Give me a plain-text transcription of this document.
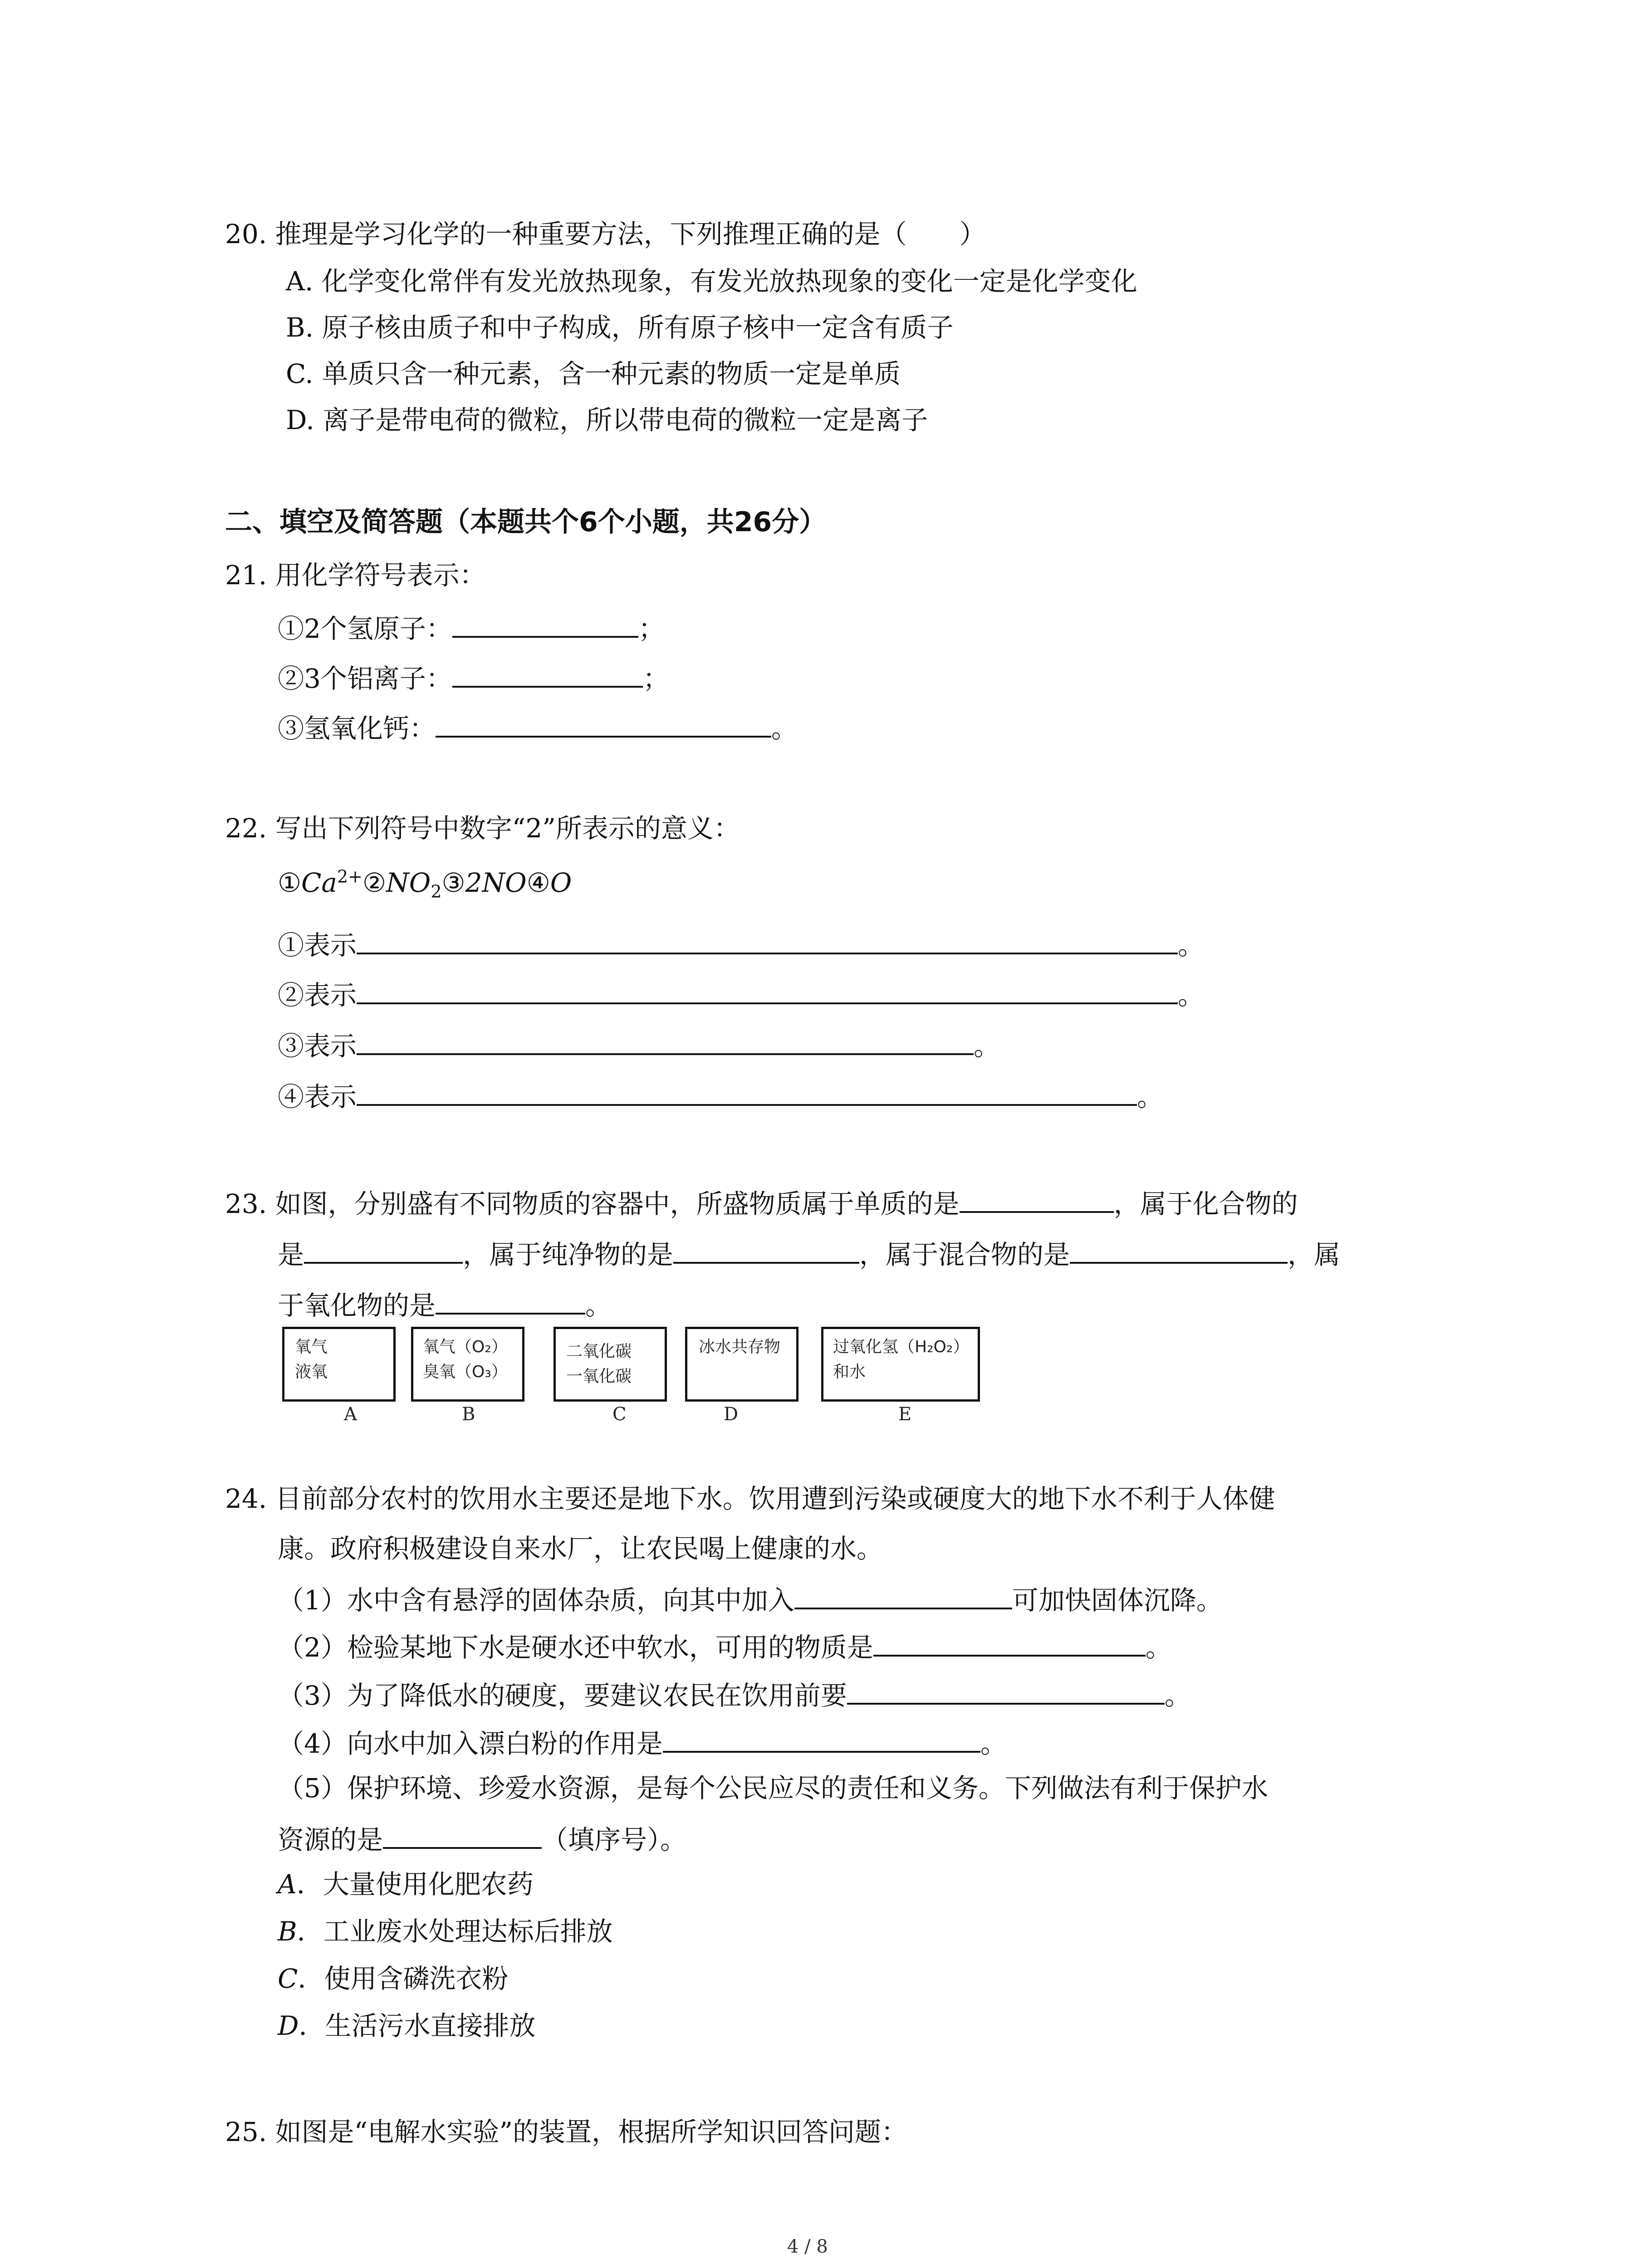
20. 推理是学习化学的一种重要方法，下列推理正确的是（　　）
A. 化学变化常伴有发光放热现象，有发光放热现象的变化一定是化学变化
B. 原子核由质子和中子构成，所有原子核中一定含有质子
C. 单质只含一种元素，含一种元素的物质一定是单质
D. 离子是带电荷的微粒，所以带电荷的微粒一定是离子
二、填空及简答题（本题共个6个小题，共26分）
21. 用化学符号表示：
①2个氢原子：	；
②3个铝离子：	；
③氢氧化钙：	。
22. 写出下列符号中数字“2”所表示的意义：
$①Ca^{2+}②NO_2③2NO④O$
①表示	。
②表示	。
③表示	。
④表示	。
23. 如图，分别盛有不同物质的容器中，所盛物质属于单质的是	，属于化合物的
是	，属于纯净物的是	，属于混合物的是	，属
于氧化物的是	。
氧气
液氧
A
氧气（O₂）
臭氧（O₃）
B
二氧化碳
一氧化碳
C
冰水共存物
D
过氧化氢（H₂O₂）
和水
E
24. 目前部分农村的饮用水主要还是地下水。饮用遭到污染或硬度大的地下水不利于人体健
康。政府积极建设自来水厂，让农民喝上健康的水。
（1）水中含有悬浮的固体杂质，向其中加入	可加快固体沉降。
（2）检验某地下水是硬水还中软水，可用的物质是	。
（3）为了降低水的硬度，要建议农民在饮用前要	。
（4）向水中加入漂白粉的作用是	。
（5）保护环境、珍爱水资源，是每个公民应尽的责任和义务。下列做法有利于保护水
资源的是	（填序号）。
A．大量使用化肥农药
B．工业废水处理达标后排放
C．使用含磷洗衣粉
D．生活污水直接排放
25. 如图是“电解水实验”的装置，根据所学知识回答问题：
4 / 8
